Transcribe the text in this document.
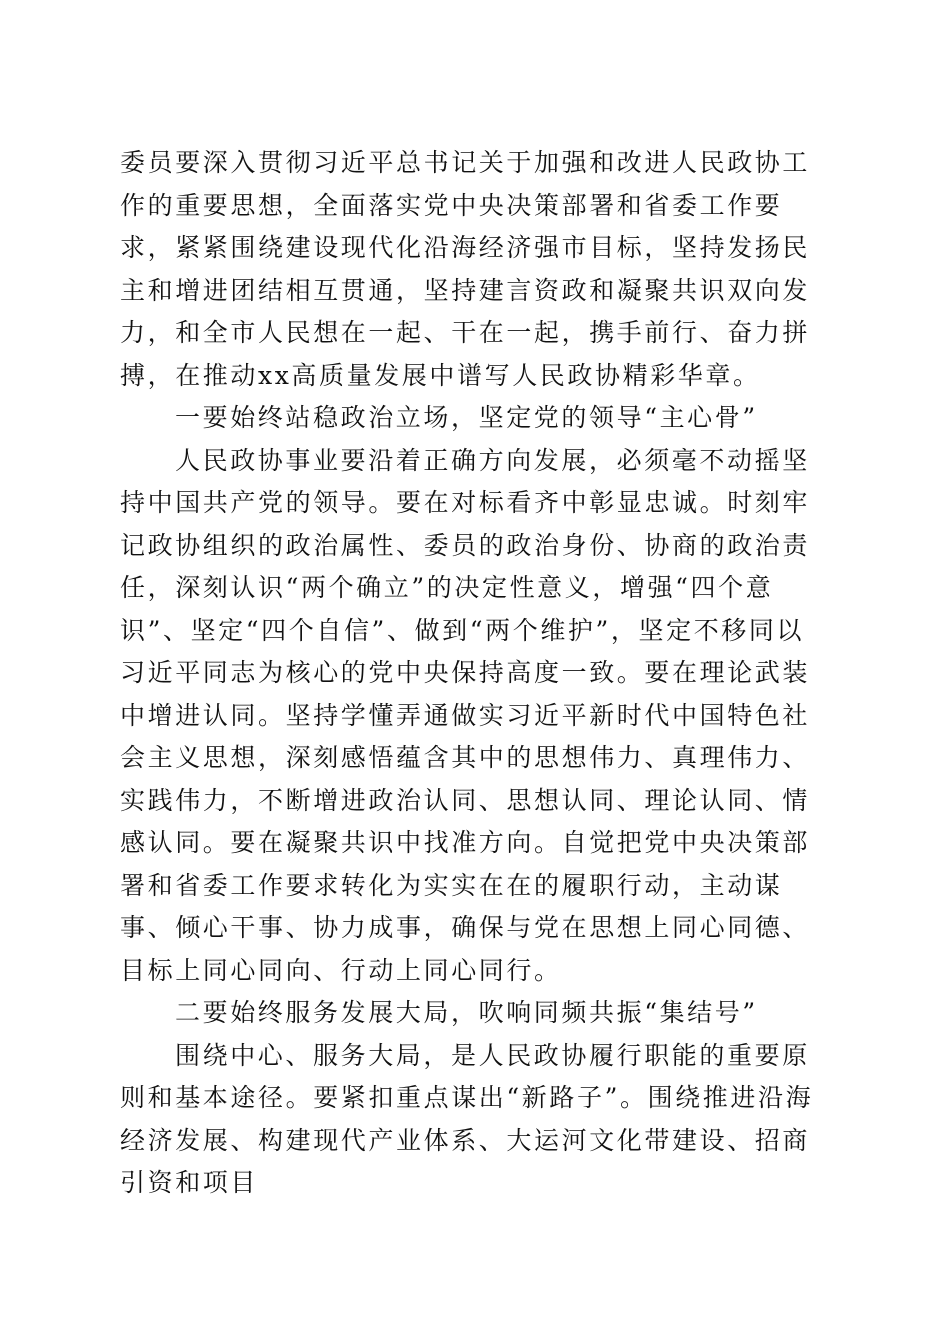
委员要深入贯彻习近平总书记关于加强和改进人民政协工作的重要思想，全面落实党中央决策部署和省委工作要求，紧紧围绕建设现代化沿海经济强市目标，坚持发扬民主和增进团结相互贯通，坚持建言资政和凝聚共识双向发力，和全市人民想在一起、干在一起，携手前行、奋力拼搏，在推动xx高质量发展中谱写人民政协精彩华章。

一要始终站稳政治立场，坚定党的领导“主心骨”

人民政协事业要沿着正确方向发展，必须毫不动摇坚持中国共产党的领导。要在对标看齐中彰显忠诚。时刻牢记政协组织的政治属性、委员的政治身份、协商的政治责任，深刻认识“两个确立”的决定性意义，增强“四个意识”、坚定“四个自信”、做到“两个维护”，坚定不移同以习近平同志为核心的党中央保持高度一致。要在理论武装中增进认同。坚持学懂弄通做实习近平新时代中国特色社会主义思想，深刻感悟蕴含其中的思想伟力、真理伟力、实践伟力，不断增进政治认同、思想认同、理论认同、情感认同。要在凝聚共识中找准方向。自觉把党中央决策部署和省委工作要求转化为实实在在的履职行动，主动谋事、倾心干事、协力成事，确保与党在思想上同心同德、目标上同心同向、行动上同心同行。

二要始终服务发展大局，吹响同频共振“集结号”

围绕中心、服务大局，是人民政协履行职能的重要原则和基本途径。要紧扣重点谋出“新路子”。围绕推进沿海经济发展、构建现代产业体系、大运河文化带建设、招商引资和项目
